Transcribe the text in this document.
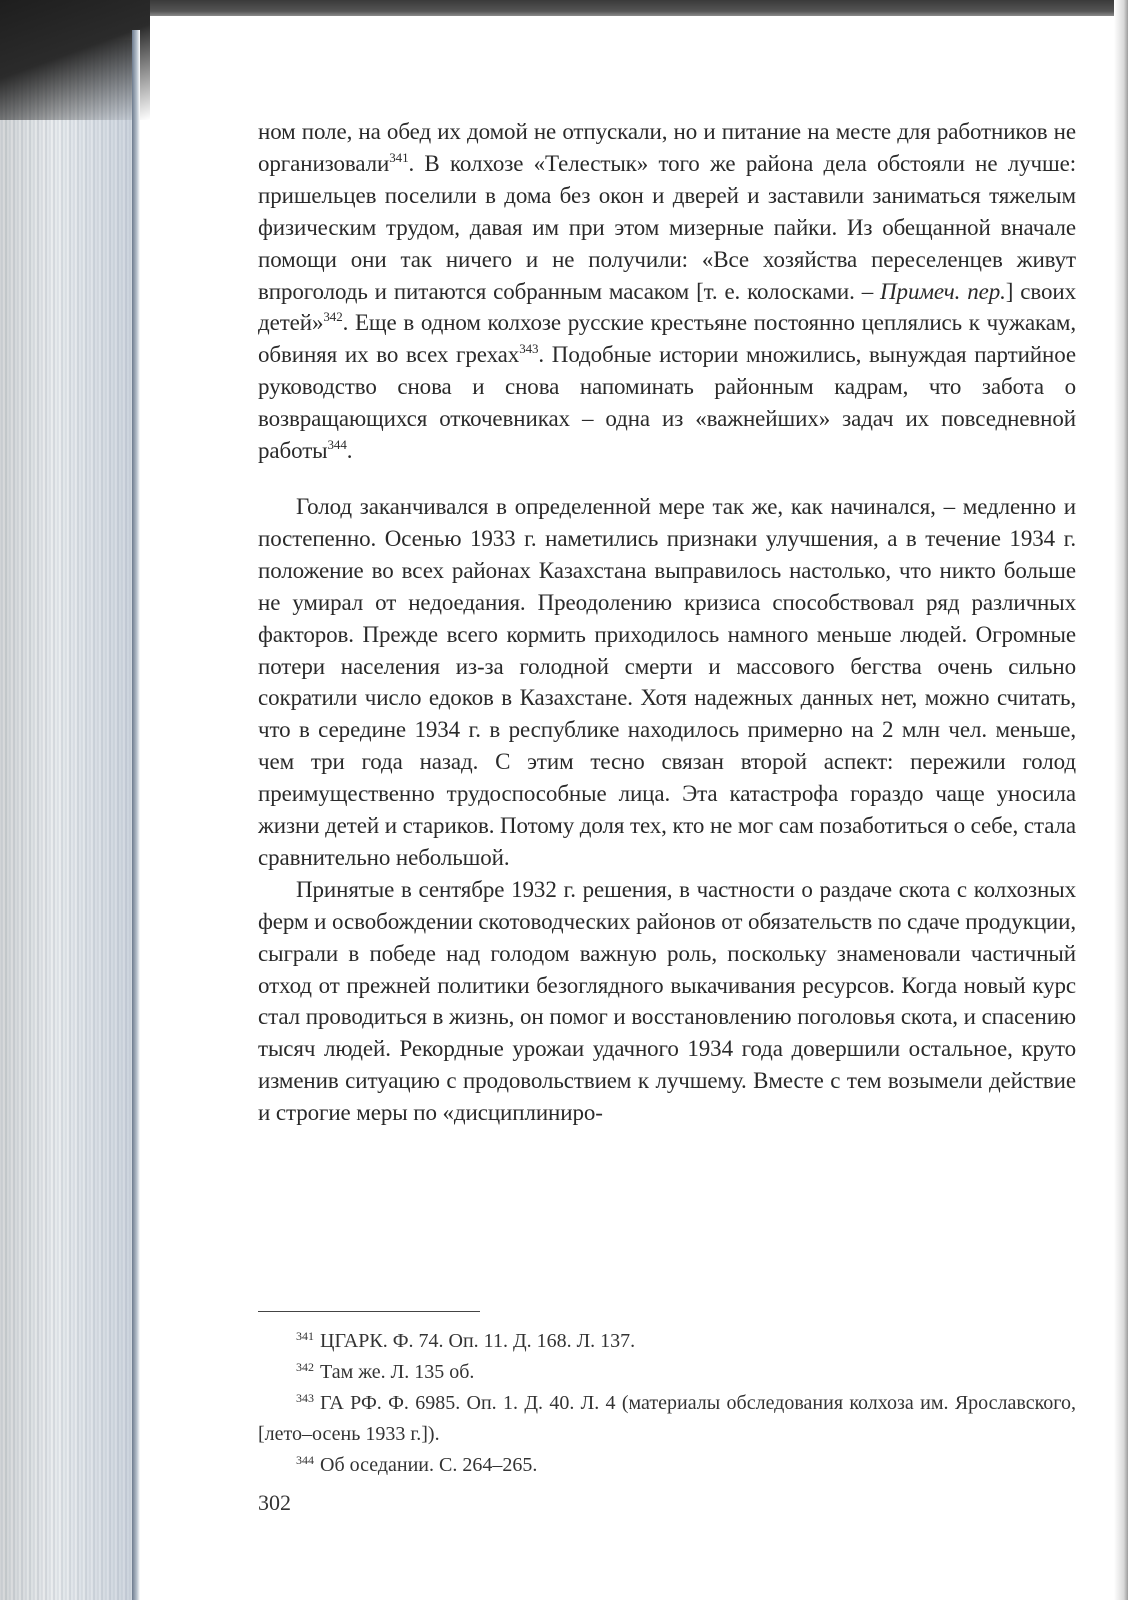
ном поле, на обед их домой не отпускали, но и питание на месте для работников не организовали$^{341}$. В колхозе «Телестык» того же района дела обстояли не лучше: пришельцев поселили в дома без окон и дверей и заставили заниматься тяжелым физическим трудом, давая им при этом мизерные пайки. Из обещанной вначале помощи они так ничего и не получили: «Все хозяйства переселенцев живут впроголодь и питаются собранным масаком [т. е. колосками. – Примеч. пер.] своих детей»$^{342}$. Еще в одном колхозе русские крестьяне постоянно цеплялись к чужакам, обвиняя их во всех грехах$^{343}$. Подобные истории множились, вынуждая партийное руководство снова и снова напоминать районным кадрам, что забота о возвращающихся откочевниках – одна из «важнейших» задач их повседневной работы$^{344}$.

Голод заканчивался в определенной мере так же, как начинался, – медленно и постепенно. Осенью 1933 г. наметились признаки улучшения, а в течение 1934 г. положение во всех районах Казахстана выправилось настолько, что никто больше не умирал от недоедания. Преодолению кризиса способствовал ряд различных факторов. Прежде всего кормить приходилось намного меньше людей. Огромные потери населения из-за голодной смерти и массового бегства очень сильно сократили число едоков в Казахстане. Хотя надежных данных нет, можно считать, что в середине 1934 г. в республике находилось примерно на 2 млн чел. меньше, чем три года назад. С этим тесно связан второй аспект: пережили голод преимущественно трудоспособные лица. Эта катастрофа гораздо чаще уносила жизни детей и стариков. Потому доля тех, кто не мог сам позаботиться о себе, стала сравнительно небольшой.

Принятые в сентябре 1932 г. решения, в частности о раздаче скота с колхозных ферм и освобождении скотоводческих районов от обязательств по сдаче продукции, сыграли в победе над голодом важную роль, поскольку знаменовали частичный отход от прежней политики безоглядного выкачивания ресурсов. Когда новый курс стал проводиться в жизнь, он помог и восстановлению поголовья скота, и спасению тысяч людей. Рекордные урожаи удачного 1934 года довершили остальное, круто изменив ситуацию с продовольствием к лучшему. Вместе с тем возымели действие и строгие меры по «дисциплиниро-

$^{341}$ ЦГАРК. Ф. 74. Оп. 11. Д. 168. Л. 137.

$^{342}$ Там же. Л. 135 об.

$^{343}$ ГА РФ. Ф. 6985. Оп. 1. Д. 40. Л. 4 (материалы обследования колхоза им. Ярославского, [лето–осень 1933 г.]).

$^{344}$ Об оседании. С. 264–265.

302
